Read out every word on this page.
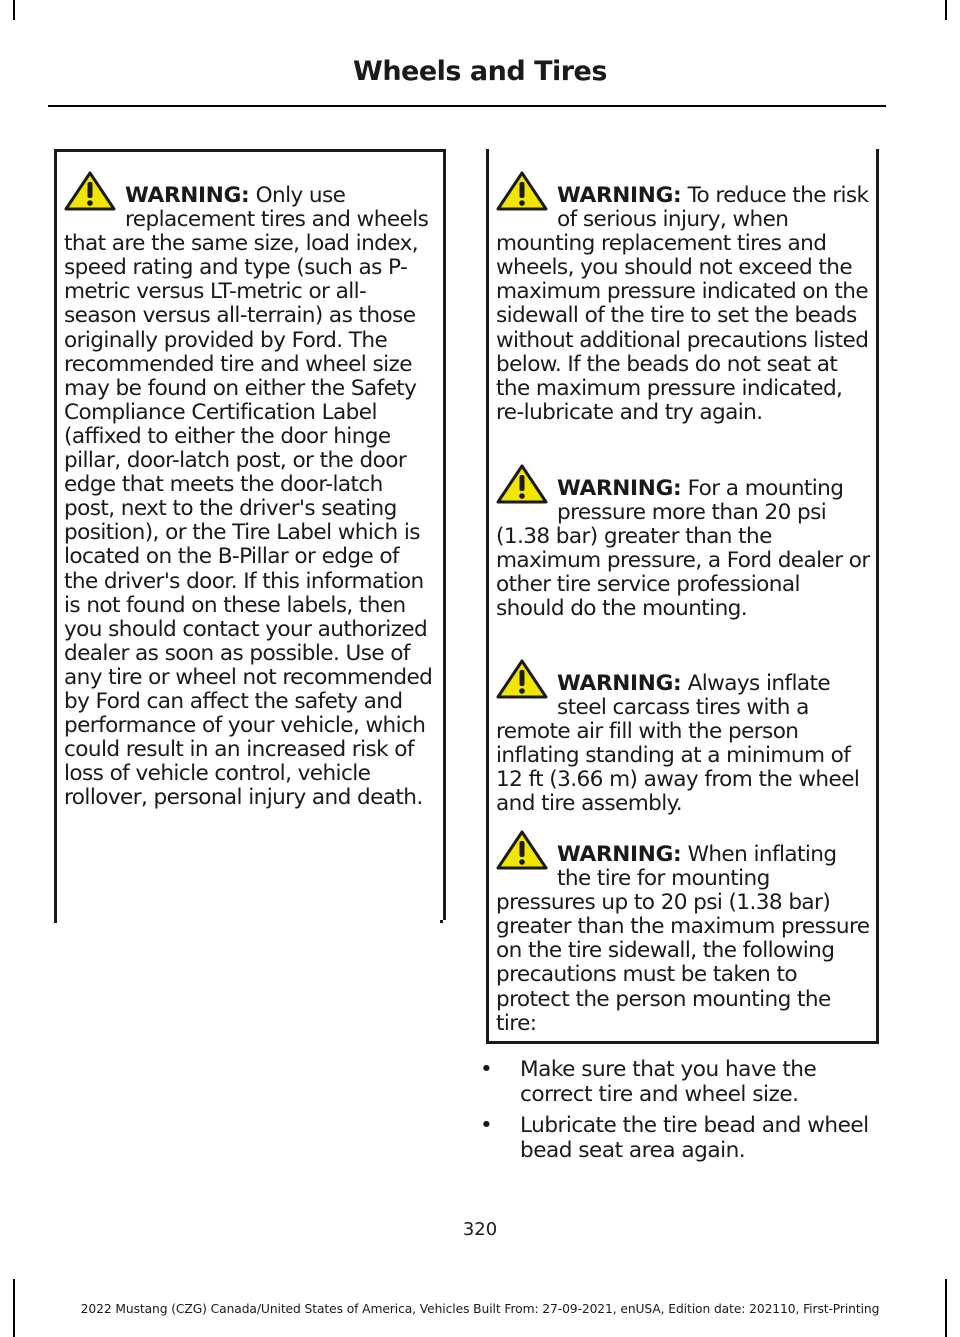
Wheels and Tires
WARNING: Only use replacement tires and wheels that are the same size, load index, speed rating and type (such as P-metric versus LT-metric or all-season versus all-terrain) as those originally provided by Ford. The recommended tire and wheel size may be found on either the Safety Compliance Certification Label (affixed to either the door hinge pillar, door-latch post, or the door edge that meets the door-latch post, next to the driver's seating position), or the Tire Label which is located on the B-Pillar or edge of the driver's door. If this information is not found on these labels, then you should contact your authorized dealer as soon as possible. Use of any tire or wheel not recommended by Ford can affect the safety and performance of your vehicle, which could result in an increased risk of loss of vehicle control, vehicle rollover, personal injury and death.
WARNING: To reduce the risk of serious injury, when mounting replacement tires and wheels, you should not exceed the maximum pressure indicated on the sidewall of the tire to set the beads without additional precautions listed below. If the beads do not seat at the maximum pressure indicated, re-lubricate and try again.
WARNING: For a mounting pressure more than 20 psi (1.38 bar) greater than the maximum pressure, a Ford dealer or other tire service professional should do the mounting.
WARNING: Always inflate steel carcass tires with a remote air fill with the person inflating standing at a minimum of 12 ft (3.66 m) away from the wheel and tire assembly.
WARNING: When inflating the tire for mounting pressures up to 20 psi (1.38 bar) greater than the maximum pressure on the tire sidewall, the following precautions must be taken to protect the person mounting the tire:
• Make sure that you have the correct tire and wheel size.
• Lubricate the tire bead and wheel bead seat area again.
320
2022 Mustang (CZG) Canada/United States of America, Vehicles Built From: 27-09-2021, enUSA, Edition date: 202110, First-Printing
